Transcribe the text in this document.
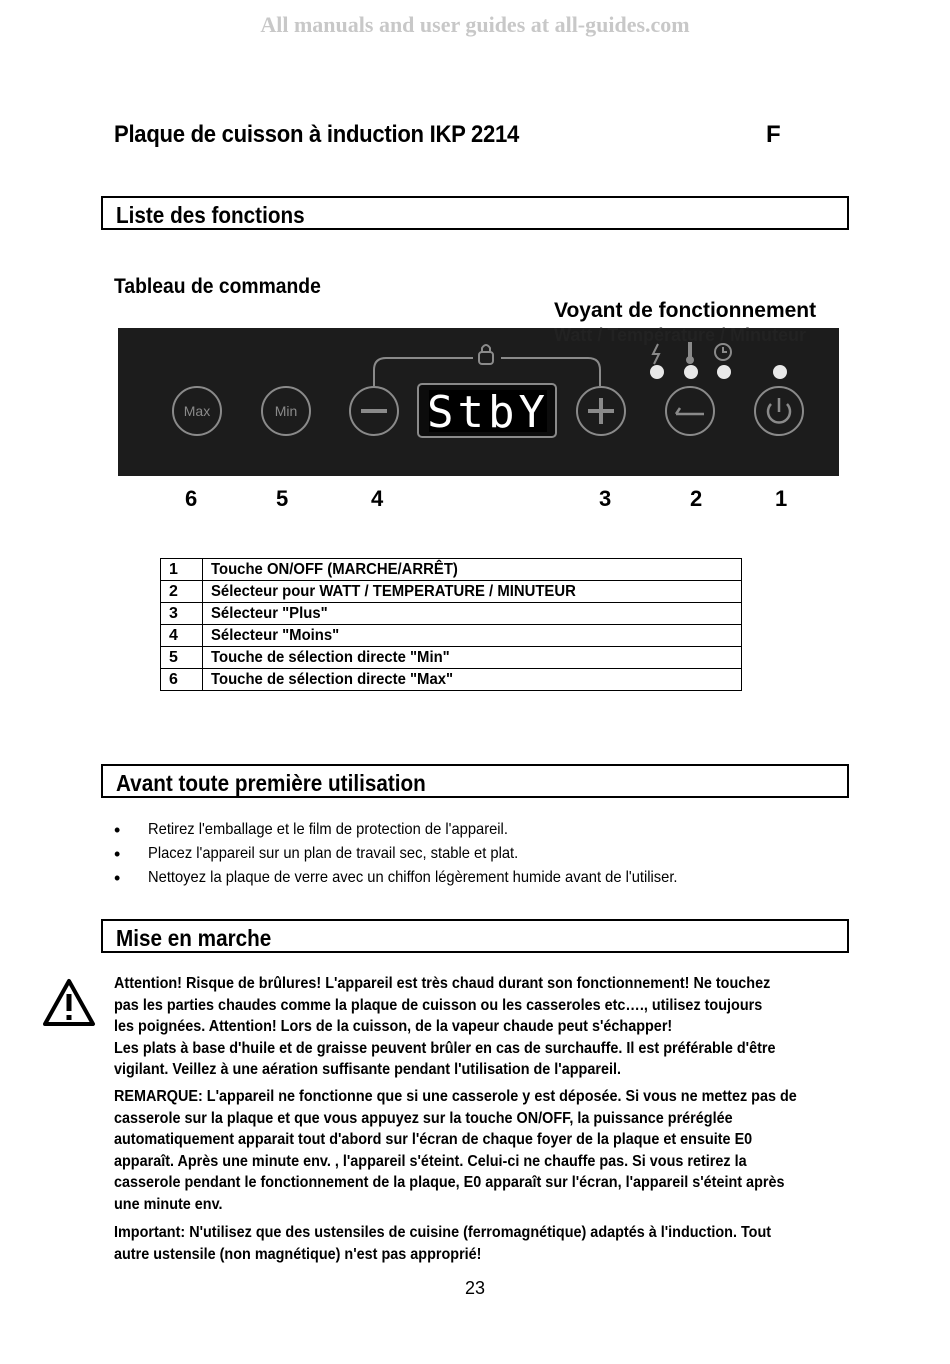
All manuals and user guides at all-guides.com
Plaque de cuisson à induction IKP 2214	F
Liste des fonctions
Tableau de commande
Max	Min	StbY
Voyant de fonctionnement
Watt / Température / Minuteur
6	5	4	3	2	1
1	Touche ON/OFF (MARCHE/ARRÊT)
2	Sélecteur pour WATT / TEMPERATURE / MINUTEUR
3	Sélecteur "Plus"
4	Sélecteur "Moins"
5	Touche de sélection directe "Min"
6	Touche de sélection directe "Max"
Avant toute première utilisation
• Retirez l'emballage et le film de protection de l'appareil.
• Placez l'appareil sur un plan de travail sec, stable et plat.
• Nettoyez la plaque de verre avec un chiffon légèrement humide avant de l'utiliser.
Mise en marche
Attention! Risque de brûlures! L'appareil est très chaud durant son fonctionnement! Ne touchez
pas les parties chaudes comme la plaque de cuisson ou les casseroles etc…., utilisez toujours
les poignées. Attention! Lors de la cuisson, de la vapeur chaude peut s'échapper!
Les plats à base d'huile et de graisse peuvent brûler en cas de surchauffe. Il est préférable d'être
vigilant. Veillez à une aération suffisante pendant l'utilisation de l'appareil.
REMARQUE: L'appareil ne fonctionne que si une casserole y est déposée. Si vous ne mettez pas de
casserole sur la plaque et que vous appuyez sur la touche ON/OFF, la puissance préréglée
automatiquement apparait tout d'abord sur l'écran de chaque foyer de la plaque et ensuite E0
apparaît. Après une minute env. , l'appareil s'éteint. Celui-ci ne chauffe pas. Si vous retirez la
casserole pendant le fonctionnement de la plaque, E0 apparaît sur l'écran, l'appareil s'éteint après
une minute env.
Important: N'utilisez que des ustensiles de cuisine (ferromagnétique) adaptés à l'induction. Tout
autre ustensile (non magnétique) n'est pas approprié!
23
